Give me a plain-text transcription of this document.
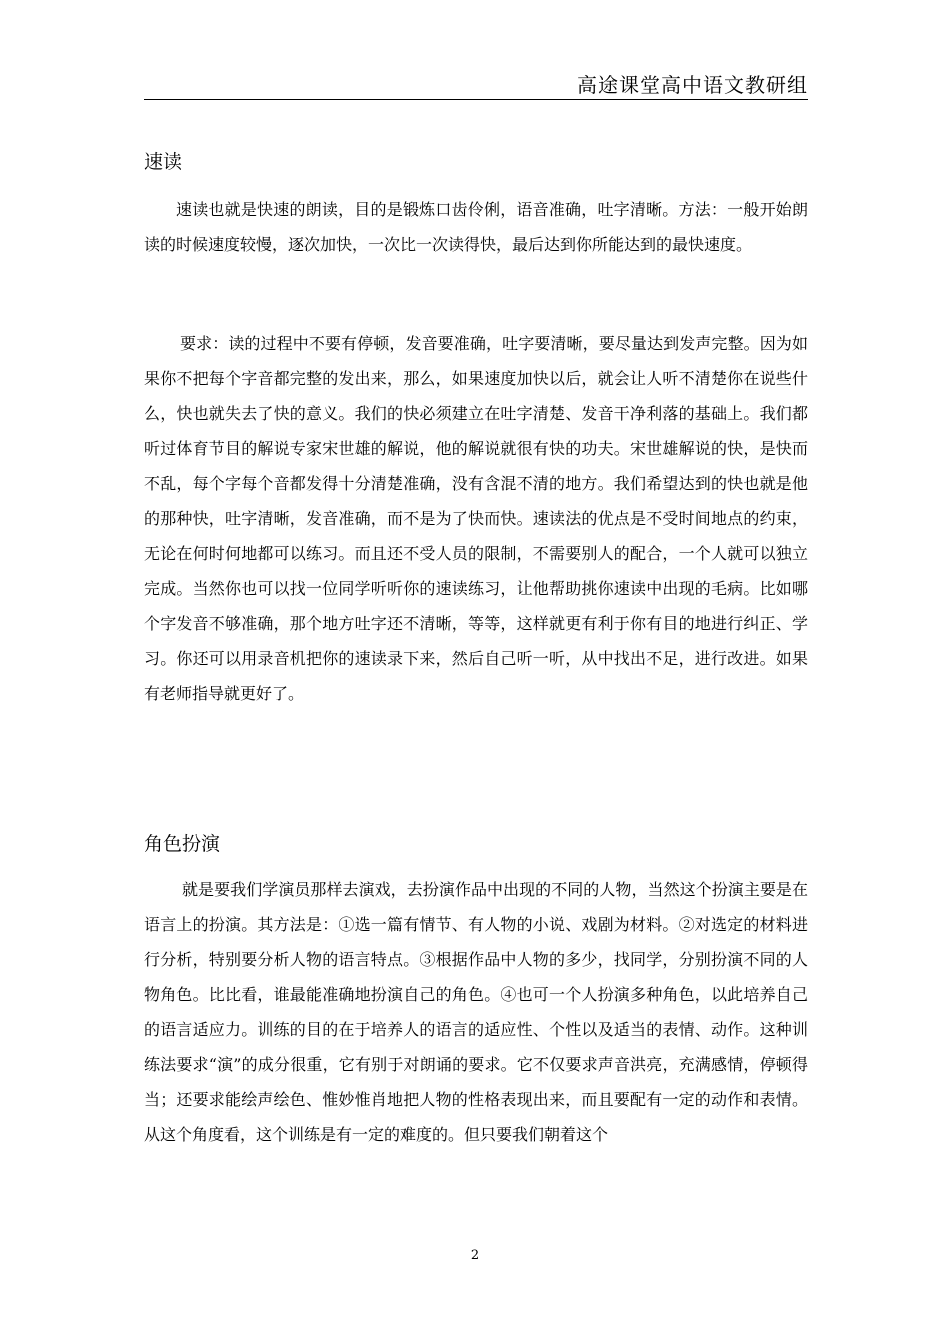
高途课堂高中语文教研组
速读

速读也就是快速的朗读，目的是锻炼口齿伶俐，语音准确，吐字清晰。方法：一般开始朗读的时候速度较慢，逐次加快，一次比一次读得快，最后达到你所能达到的最快速度。

要求：读的过程中不要有停顿，发音要准确，吐字要清晰，要尽量达到发声完整。因为如果你不把每个字音都完整的发出来，那么，如果速度加快以后，就会让人听不清楚你在说些什么，快也就失去了快的意义。我们的快必须建立在吐字清楚、发音干净利落的基础上。我们都听过体育节目的解说专家宋世雄的解说，他的解说就很有快的功夫。宋世雄解说的快，是快而不乱，每个字每个音都发得十分清楚准确，没有含混不清的地方。我们希望达到的快也就是他的那种快，吐字清晰，发音准确，而不是为了快而快。速读法的优点是不受时间地点的约束，无论在何时何地都可以练习。而且还不受人员的限制，不需要别人的配合，一个人就可以独立完成。当然你也可以找一位同学听听你的速读练习，让他帮助挑你速读中出现的毛病。比如哪个字发音不够准确，那个地方吐字还不清晰，等等，这样就更有利于你有目的地进行纠正、学习。你还可以用录音机把你的速读录下来，然后自己听一听，从中找出不足，进行改进。如果有老师指导就更好了。

角色扮演

就是要我们学演员那样去演戏，去扮演作品中出现的不同的人物，当然这个扮演主要是在语言上的扮演。其方法是：①选一篇有情节、有人物的小说、戏剧为材料。②对选定的材料进行分析，特别要分析人物的语言特点。③根据作品中人物的多少，找同学，分别扮演不同的人物角色。比比看，谁最能准确地扮演自己的角色。④也可一个人扮演多种角色，以此培养自己的语言适应力。训练的目的在于培养人的语言的适应性、个性以及适当的表情、动作。这种训练法要求“演”的成分很重，它有别于对朗诵的要求。它不仅要求声音洪亮，充满感情，停顿得当；还要求能绘声绘色、惟妙惟肖地把人物的性格表现出来，而且要配有一定的动作和表情。从这个角度看，这个训练是有一定的难度的。但只要我们朝着这个

2
